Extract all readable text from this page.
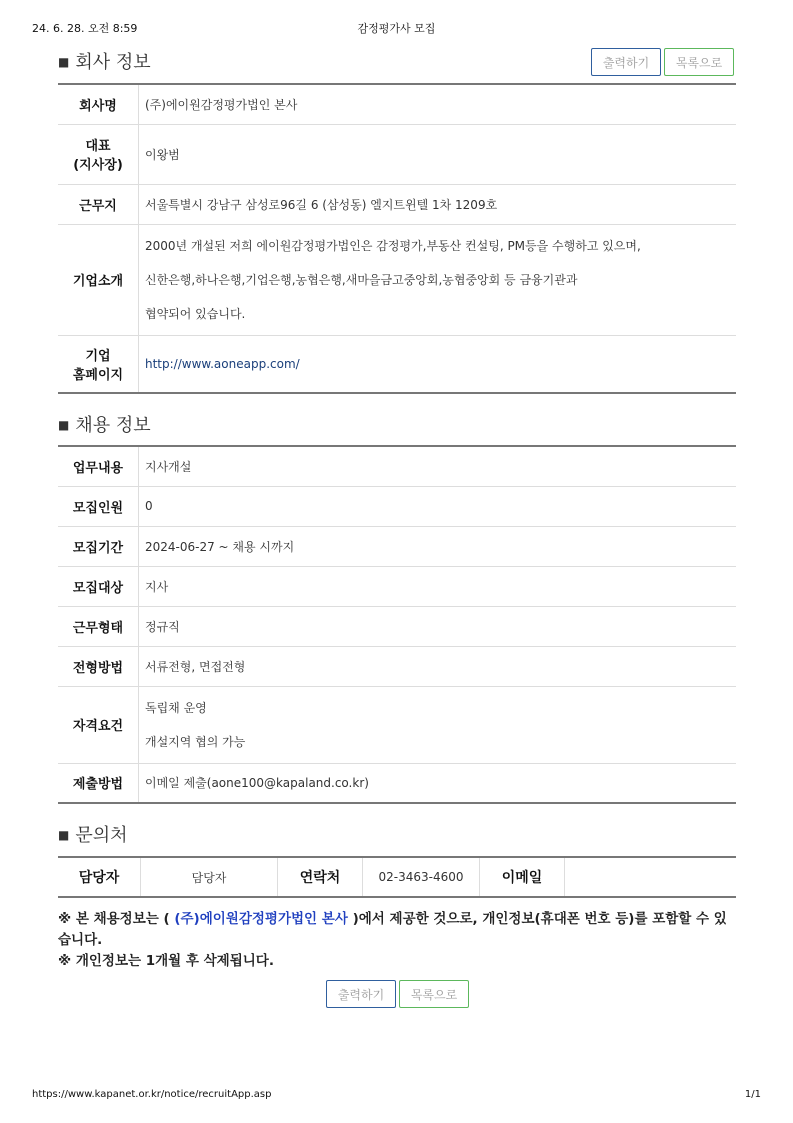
24. 6. 28. 오전 8:59	감정평가사 모집
■ 회사 정보	출력하기	목록으로
회사명	(주)에이원감정평가법인 본사
대표
(지사장)	이왕범
근무지	서울특별시 강남구 삼성로96길 6 (삼성동) 엘지트윈텔 1차 1209호
기업소개	2000년 개설된 저희 에이원감정평가법인은 감정평가,부동산 컨설팅, PM등을 수행하고 있으며,
신한은행,하나은행,기업은행,농협은행,새마을금고중앙회,농협중앙회 등 금융기관과
협약되어 있습니다.

기업
홈페이지	http://www.aoneapp.com/
■ 채용 정보
업무내용	지사개설
모집인원	0
모집기간	2024-06-27 ~ 채용 시까지
모집대상	지사
근무형태	정규직
전형방법	서류전형, 면접전형
자격요건	독립채 운영
개설지역 협의 가능

제출방법	이메일 제출(aone100@kapaland.co.kr)
■ 문의처
담당자	담당자	연락처	02-3463-4600	이메일	
※ 본 채용정보는 ( (주)에이원감정평가법인 본사 )에서 제공한 것으로, 개인정보(휴대폰 번호 등)를 포함할 수 있습니다.
※ 개인정보는 1개월 후 삭제됩니다.
출력하기	목록으로
https://www.kapanet.or.kr/notice/recruitApp.asp	1/1
